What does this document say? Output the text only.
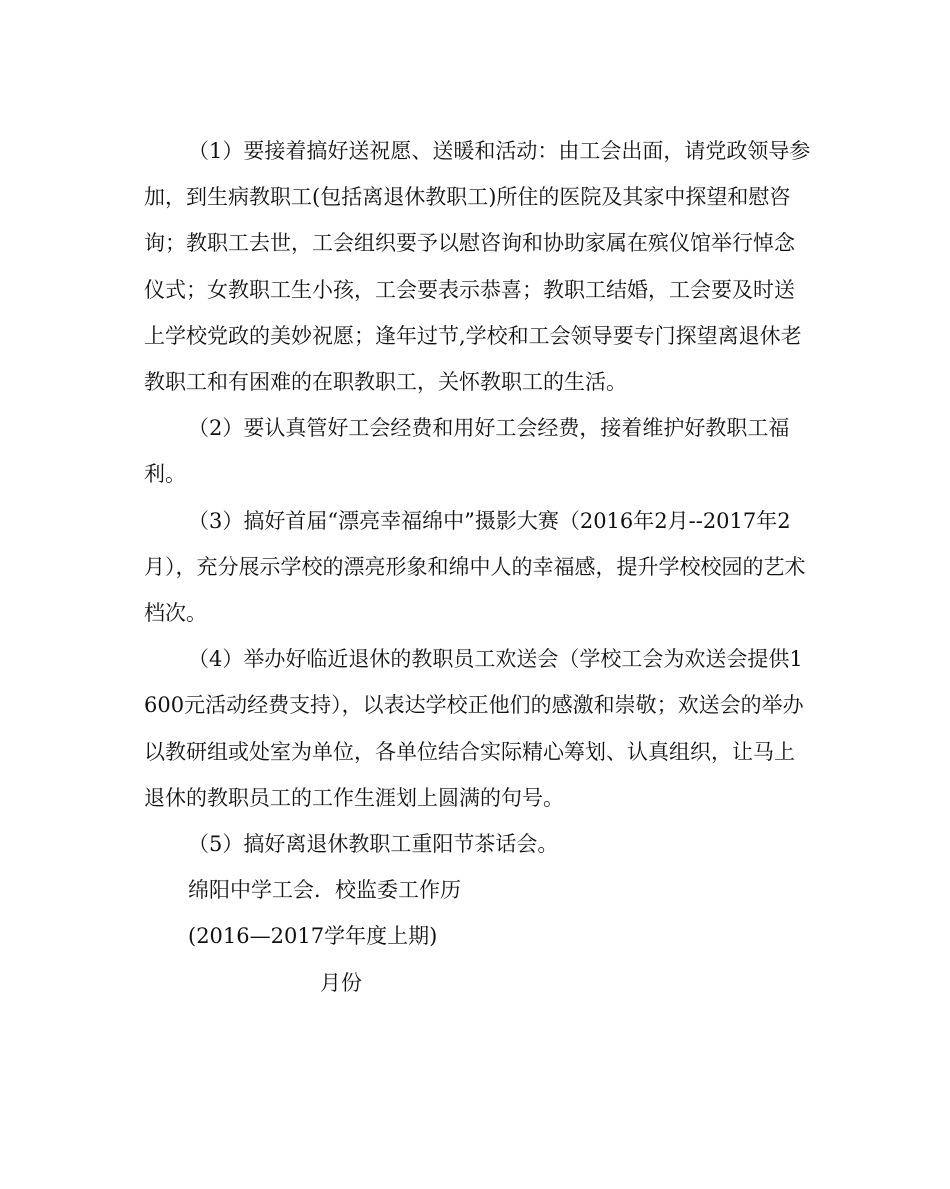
（1）要接着搞好送祝愿、送暖和活动：由工会出面，请党政领导参加，到生病教职工(包括离退休教职工)所住的医院及其家中探望和慰咨询；教职工去世，工会组织要予以慰咨询和协助家属在殡仪馆举行悼念仪式；女教职工生小孩，工会要表示恭喜；教职工结婚，工会要及时送上学校党政的美妙祝愿；逢年过节,学校和工会领导要专门探望离退休老教职工和有困难的在职教职工，关怀教职工的生活。

（2）要认真管好工会经费和用好工会经费，接着维护好教职工福利。

（3）搞好首届“漂亮幸福绵中”摄影大赛（2016年2月--2017年2月），充分展示学校的漂亮形象和绵中人的幸福感，提升学校校园的艺术档次。

（4）举办好临近退休的教职员工欢送会（学校工会为欢送会提供1600元活动经费支持），以表达学校正他们的感激和崇敬；欢送会的举办以教研组或处室为单位，各单位结合实际精心筹划、认真组织，让马上退休的教职员工的工作生涯划上圆满的句号。

（5）搞好离退休教职工重阳节茶话会。

绵阳中学工会．校监委工作历

(2016—2017学年度上期)

月份
